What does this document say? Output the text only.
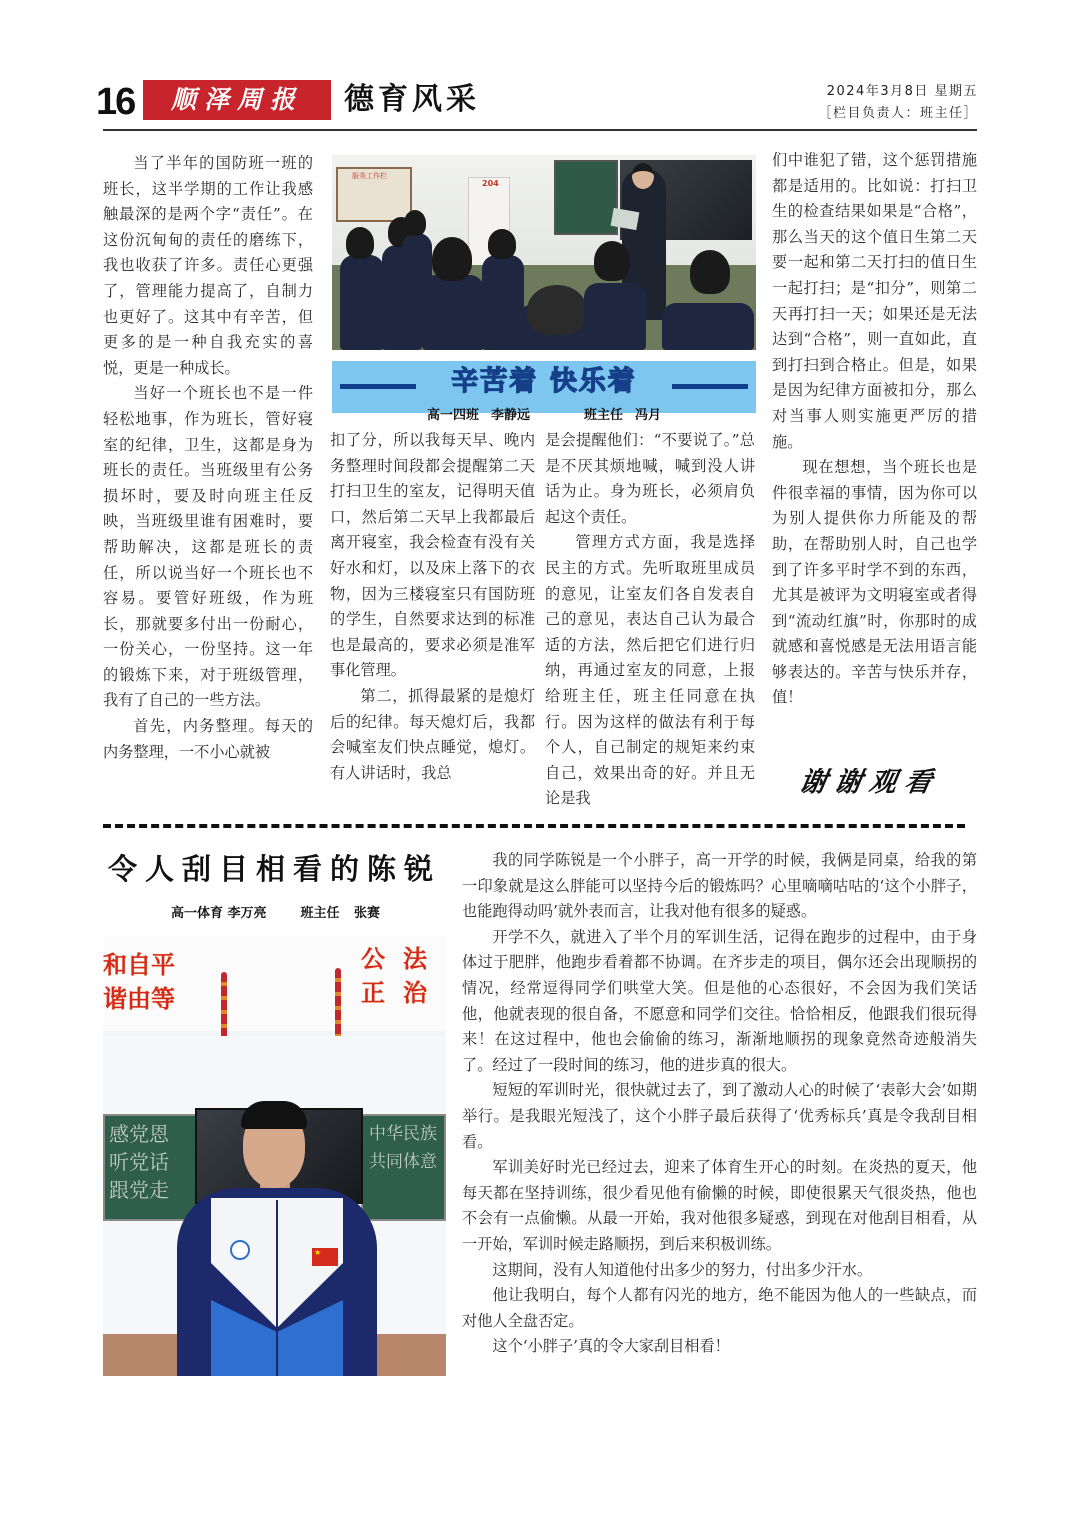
16	顺泽周报	德育风采	2024年3月8日 星期五
［栏目负责人：班主任］

当了半年的国防班一班的班长，这半学期的工作让我感触最深的是两个字“责任”。在这份沉甸甸的责任的磨练下，我也收获了许多。责任心更强了，管理能力提高了，自制力也更好了。这其中有辛苦，但更多的是一种自我充实的喜悦，更是一种成长。

当好一个班长也不是一件轻松地事，作为班长，管好寝室的纪律，卫生，这都是身为班长的责任。当班级里有公务损坏时，要及时向班主任反映，当班级里谁有困难时，要帮助解决，这都是班长的责任，所以说当好一个班长也不容易。要管好班级，作为班长，那就要多付出一份耐心，一份关心，一份坚持。这一年的锻炼下来，对于班级管理，我有了自己的一些方法。

首先，内务整理。每天的内务整理，一不小心就被

服务工作栏
204
辛苦着 快乐着
高一四班 李静远	班主任 冯月

扣了分，所以我每天早、晚内务整理时间段都会提醒第二天打扫卫生的室友，记得明天值口，然后第二天早上我都最后离开寝室，我会检查有没有关好水和灯，以及床上落下的衣物，因为三楼寝室只有国防班的学生，自然要求达到的标准也是最高的，要求必须是准军事化管理。

第二，抓得最紧的是熄灯后的纪律。每天熄灯后，我都会喊室友们快点睡觉，熄灯。有人讲话时，我总

是会提醒他们：“不要说了。”总是不厌其烦地喊，喊到没人讲话为止。身为班长，必须肩负起这个责任。

管理方式方面，我是选择民主的方式。先听取班里成员的意见，让室友们各自发表自己的意见，表达自己认为最合适的方法，然后把它们进行归纳，再通过室友的同意，上报给班主任，班主任同意在执行。因为这样的做法有利于每个人，自己制定的规矩来约束自己，效果出奇的好。并且无论是我

们中谁犯了错，这个惩罚措施都是适用的。比如说：打扫卫生的检查结果如果是“合格”，那么当天的这个值日生第二天要一起和第二天打扫的值日生一起打扫；是“扣分”，则第二天再打扫一天；如果还是无法达到“合格”，则一直如此，直到打扫到合格止。但是，如果是因为纪律方面被扣分，那么对当事人则实施更严厉的措施。

现在想想，当个班长也是件很幸福的事情，因为你可以为别人提供你力所能及的帮助，在帮助别人时，自己也学到了许多平时学不到的东西，尤其是被评为文明寝室或者得到“流动红旗”时，你那时的成就感和喜悦感是无法用语言能够表达的。辛苦与快乐并存，值！

谢谢观看
令人刮目相看的陈锐
高一体育 李万亮	班主任 张赛
和自平
谐由等
公法
正治
感党恩 听党话 跟党走
中华民族 共同体意
★

我的同学陈锐是一个小胖子，高一开学的时候，我俩是同桌，给我的第一印象就是这么胖能可以坚持今后的锻炼吗？心里嘀嘀咕咕的‘这个小胖子，也能跑得动吗’就外表而言，让我对他有很多的疑惑。

开学不久，就进入了半个月的军训生活，记得在跑步的过程中，由于身体过于肥胖，他跑步看着都不协调。在齐步走的项目，偶尔还会出现顺拐的情况，经常逗得同学们哄堂大笑。但是他的心态很好，不会因为我们笑话他，他就表现的很自备，不愿意和同学们交往。恰恰相反，他跟我们很玩得来！在这过程中，他也会偷偷的练习，渐渐地顺拐的现象竟然奇迹般消失了。经过了一段时间的练习，他的进步真的很大。

短短的军训时光，很快就过去了，到了激动人心的时候了‘表彰大会’如期举行。是我眼光短浅了，这个小胖子最后获得了‘优秀标兵’真是令我刮目相看。

军训美好时光已经过去，迎来了体育生开心的时刻。在炎热的夏天，他每天都在坚持训练，很少看见他有偷懒的时候，即使很累天气很炎热，他也不会有一点偷懒。从最一开始，我对他很多疑惑，到现在对他刮目相看，从一开始，军训时候走路顺拐，到后来积极训练。

这期间，没有人知道他付出多少的努力，付出多少汗水。

他让我明白，每个人都有闪光的地方，绝不能因为他人的一些缺点，而对他人全盘否定。

这个‘小胖子’真的令大家刮目相看！
